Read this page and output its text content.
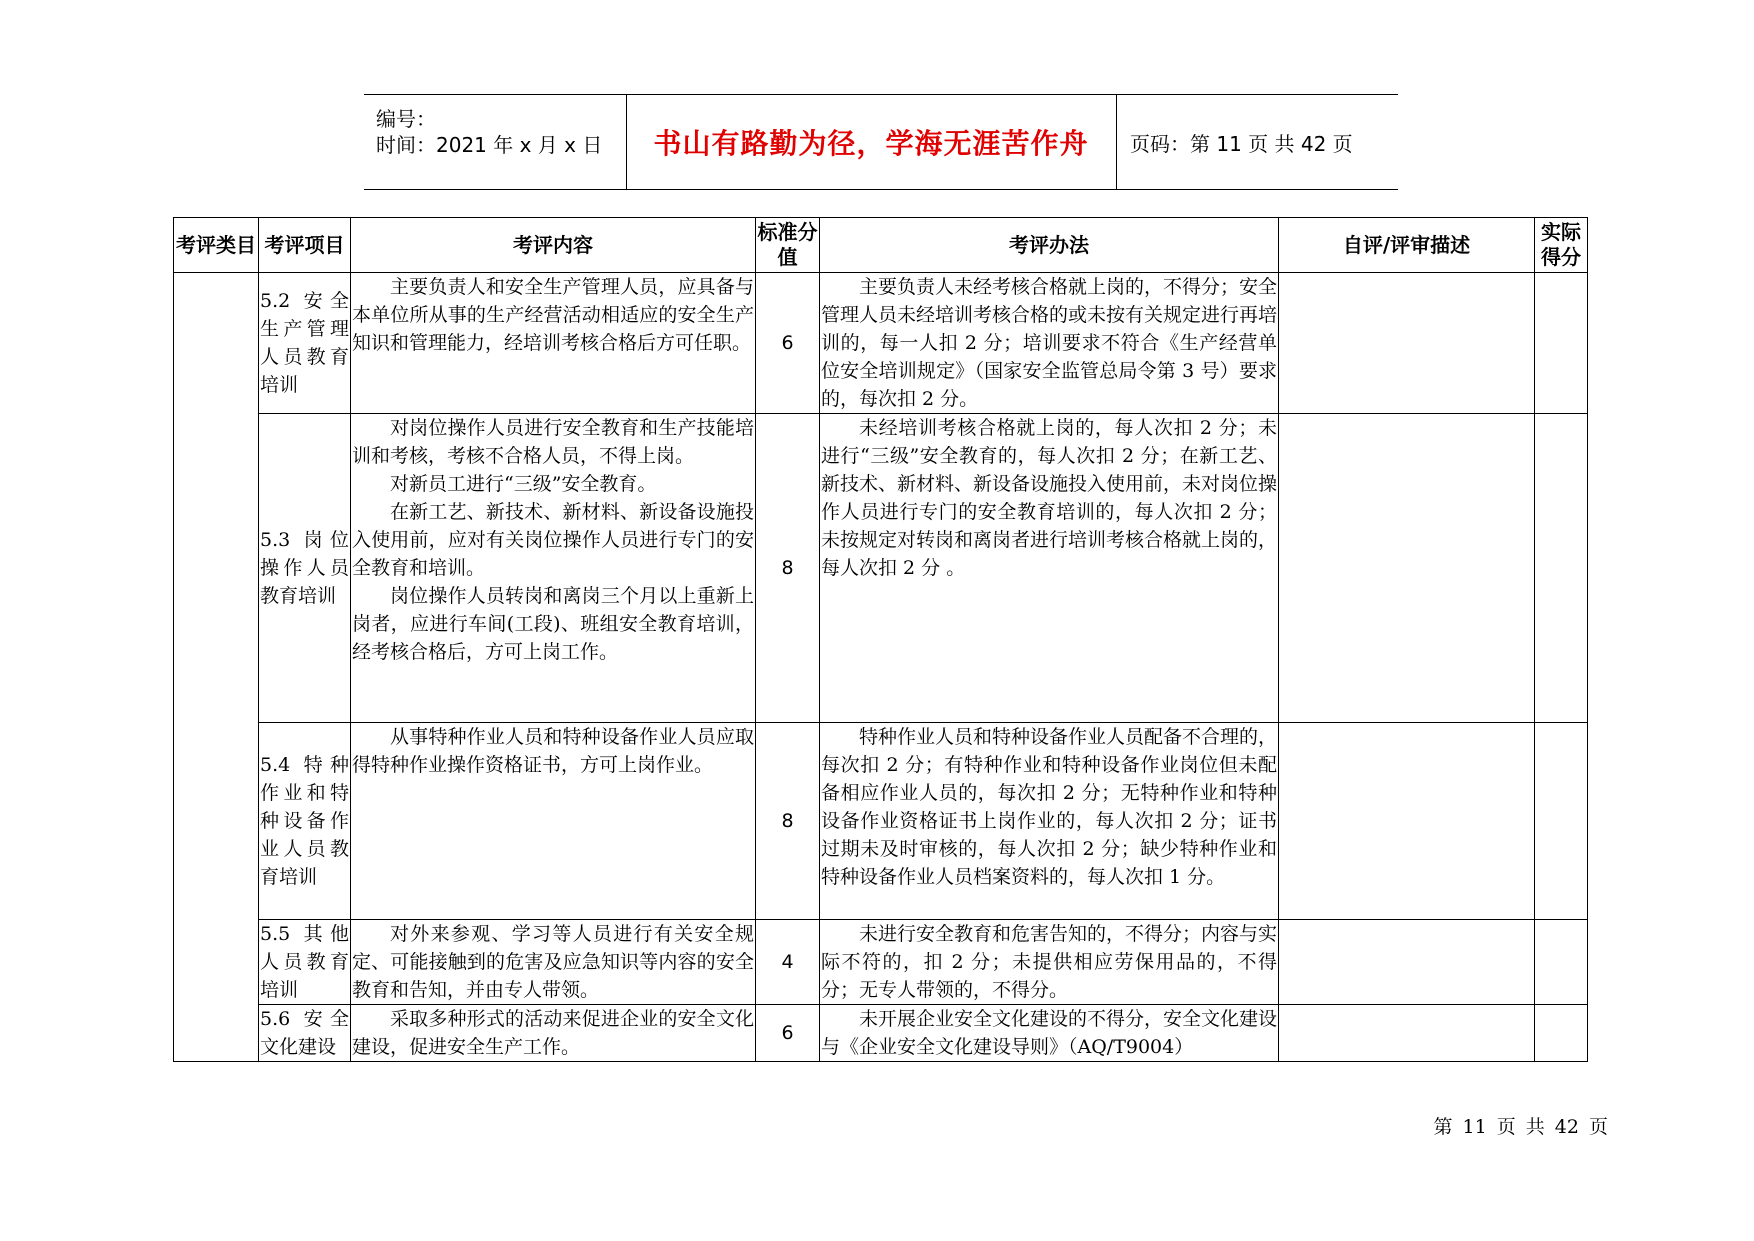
编号：
时间：2021 年 x 月 x 日 书山有路勤为径，学海无涯苦作舟 页码：第 11 页 共 42 页
考评类目	考评项目	考评内容	标准分值	考评办法	自评/评审描述	实际得分
	5.2 安全生产管理人员教育培训	主要负责人和安全生产管理人员，应具备与本单位所从事的生产经营活动相适应的安全生产知识和管理能力，经培训考核合格后方可任职。	6	主要负责人未经考核合格就上岗的，不得分；安全管理人员未经培训考核合格的或未按有关规定进行再培训的，每一人扣 2 分；培训要求不符合《生产经营单位安全培训规定》（国家安全监管总局令第 3 号）要求的，每次扣 2 分。		

	5.3 岗位操作人员教育培训	对岗位操作人员进行安全教育和生产技能培训和考核，考核不合格人员，不得上岗。

对新员工进行“三级”安全教育。

在新工艺、新技术、新材料、新设备设施投入使用前，应对有关岗位操作人员进行专门的安全教育和培训。

岗位操作人员转岗和离岗三个月以上重新上岗者，应进行车间(工段)、班组安全教育培训，经考核合格后，方可上岗工作。	8	未经培训考核合格就上岗的，每人次扣 2 分；未进行“三级”安全教育的，每人次扣 2 分；在新工艺、新技术、新材料、新设备设施投入使用前，未对岗位操作人员进行专门的安全教育培训的，每人次扣 2 分；未按规定对转岗和离岗者进行培训考核合格就上岗的，每人次扣 2 分 。		

	5.4 特种作业和特种设备作业人员教育培训	从事特种作业人员和特种设备作业人员应取得特种作业操作资格证书，方可上岗作业。	8	特种作业人员和特种设备作业人员配备不合理的，每次扣 2 分；有特种作业和特种设备作业岗位但未配备相应作业人员的，每次扣 2 分；无特种作业和特种设备作业资格证书上岗作业的，每人次扣 2 分；证书过期未及时审核的，每人次扣 2 分；缺少特种作业和特种设备作业人员档案资料的，每人次扣 1 分。		

	5.5 其他人员教育培训	对外来参观、学习等人员进行有关安全规定、可能接触到的危害及应急知识等内容的安全教育和告知，并由专人带领。	4	未进行安全教育和危害告知的，不得分；内容与实际不符的，扣 2 分；未提供相应劳保用品的，不得分；无专人带领的，不得分。		

	5.6 安全文化建设	采取多种形式的活动来促进企业的安全文化建设，促进安全生产工作。	6	未开展企业安全文化建设的不得分，安全文化建设与《企业安全文化建设导则》（AQ/T9004）		

第 11 页 共 42 页
